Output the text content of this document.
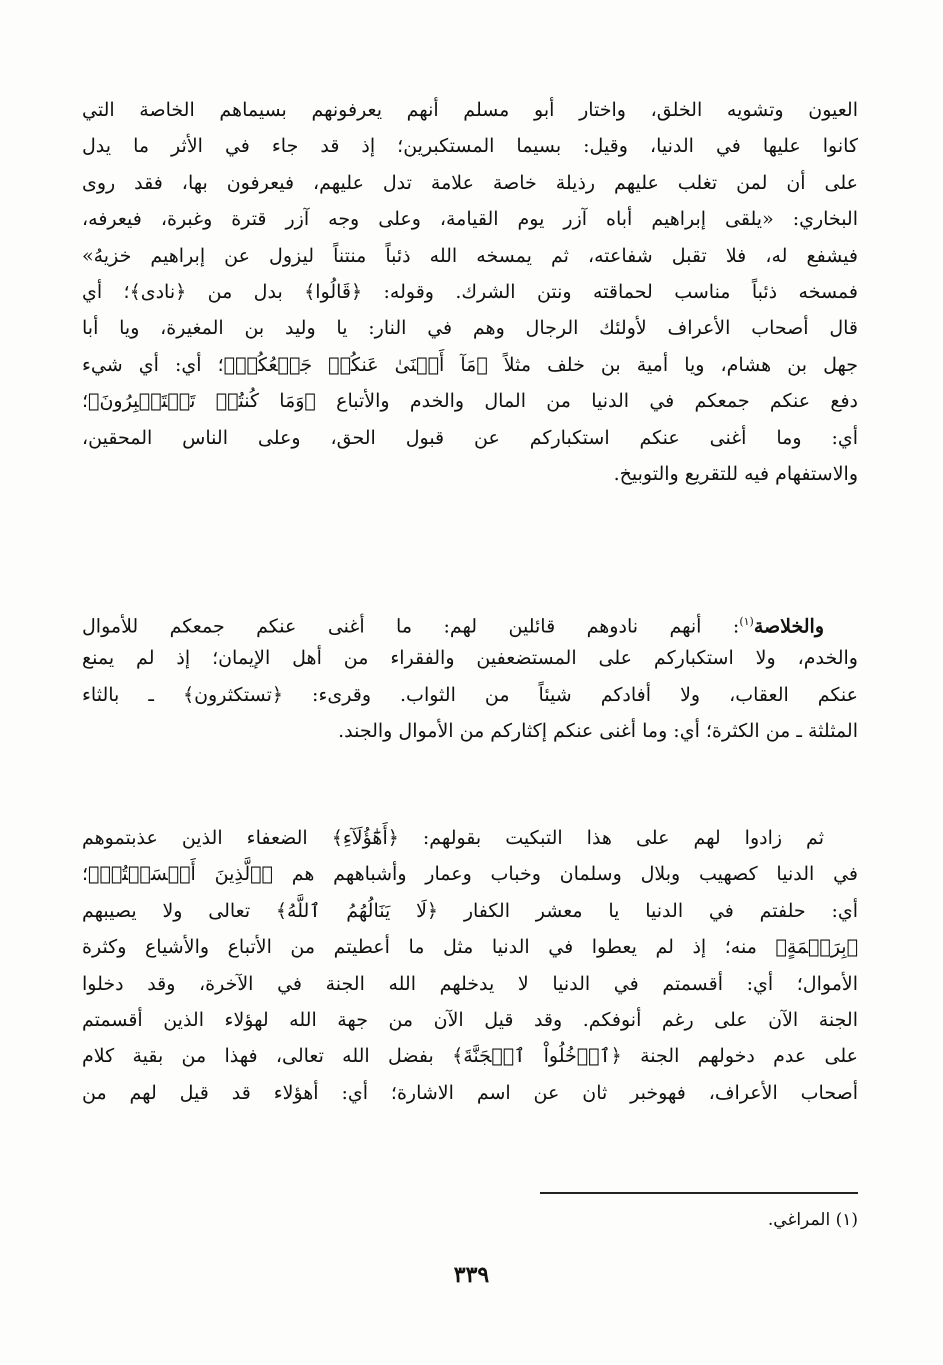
العيون وتشويه الخلق، واختار أبو مسلم أنهم يعرفونهم بسيماهم الخاصة التي
كانوا عليها في الدنيا، وقيل: بسيما المستكبرين؛ إذ قد جاء في الأثر ما يدل
على أن لمن تغلب عليهم رذيلة خاصة علامة تدل عليهم، فيعرفون بها، فقد روى
البخاري: «يلقى إبراهيم أباه آزر يوم القيامة، وعلى وجه آزر قترة وغبرة، فيعرفه،
فيشفع له، فلا تقبل شفاعته، ثم يمسخه الله ذئباً منتناً ليزول عن إبراهيم خزيهُ»
فمسخه ذئباً مناسب لحماقته ونتن الشرك. وقوله: ﴿قَالُوا﴾ بدل من ﴿نادى﴾؛ أي
قال أصحاب الأعراف لأولئك الرجال وهم في النار: يا وليد بن المغيرة، ويا أبا
جهل بن هشام، ويا أمية بن خلف مثلاً ﴿مَآ أَغۡنَىٰ عَنكُمۡ جَمۡعُكُمۡ﴾؛ أي: أي شيء
دفع عنكم جمعكم في الدنيا من المال والخدم والأتباع ﴿وَمَا كُنتُمۡ تَسۡتَكۡبِرُونَ﴾؛
أي: وما أغنى عنكم استكباركم عن قبول الحق، وعلى الناس المحقين،
والاستفهام فيه للتقريع والتوبيخ.
والخلاصة$^{(١)}$: أنهم نادوهم قائلين لهم: ما أغنى عنكم جمعكم للأموال
والخدم، ولا استكباركم على المستضعفين والفقراء من أهل الإيمان؛ إذ لم يمنع
عنكم العقاب، ولا أفادكم شيئاً من الثواب. وقرىء: ﴿تستكثرون﴾ ـ بالثاء
المثلثة ـ من الكثرة؛ أي: وما أغنى عنكم إكثاركم من الأموال والجند.
ثم زادوا لهم على هذا التبكيت بقولهم: ﴿أَهَٰٓؤُلَآءِ﴾ الضعفاء الذين عذبتموهم
في الدنيا كصهيب وبلال وسلمان وخباب وعمار وأشباههم هم ﴿ٱلَّذِينَ أَقۡسَمۡتُمۡ﴾؛
أي: حلفتم في الدنيا يا معشر الكفار ﴿لَا يَنَالُهُمُ ٱللَّهُ﴾ تعالى ولا يصيبهم
﴿بِرَحۡمَةٍ﴾ منه؛ إذ لم يعطوا في الدنيا مثل ما أعطيتم من الأتباع والأشياع وكثرة
الأموال؛ أي: أقسمتم في الدنيا لا يدخلهم الله الجنة في الآخرة، وقد دخلوا
الجنة الآن على رغم أنوفكم. وقد قيل الآن من جهة الله لهؤلاء الذين أقسمتم
على عدم دخولهم الجنة ﴿ٱدۡخُلُواْ ٱلۡجَنَّةَ﴾ بفضل الله تعالى، فهذا من بقية كلام
أصحاب الأعراف، فهوخبر ثان عن اسم الاشارة؛ أي: أهؤلاء قد قيل لهم من
(١) المراغي.
٣٣٩
